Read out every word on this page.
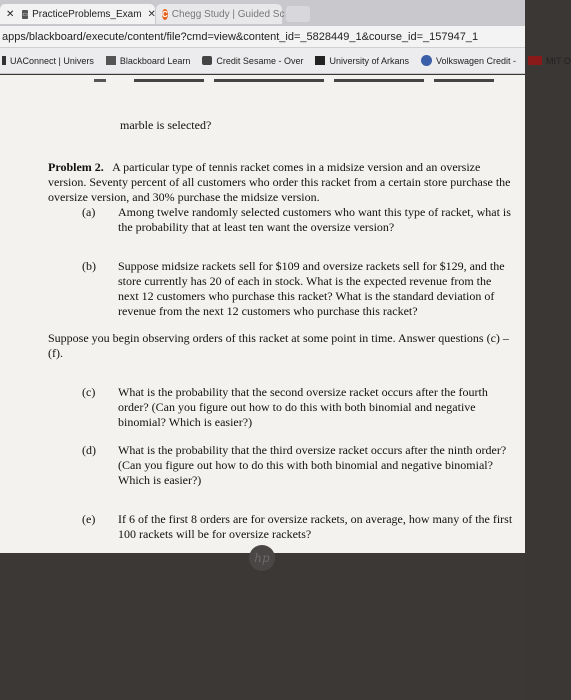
✕ ▭ PracticeProblems_Exam ✕ C Chegg Study | Guided Sc
apps/blackboard/execute/content/file?cmd=view&content_id=_5828449_1&course_id=_157947_1
UAConnect | Univers	Blackboard Learn	Credit Sesame - Over	University of Arkans	Volkswagen Credit -	MIT O
marble is selected?
Problem 2. A particular type of tennis racket comes in a midsize version and an oversize
version. Seventy percent of all customers who order this racket from a certain store purchase the
oversize version, and 30% purchase the midsize version.
(a) Among twelve randomly selected customers who want this type of racket, what is
the probability that at least ten want the oversize version?
(b) Suppose midsize rackets sell for $109 and oversize rackets sell for $129, and the
store currently has 20 of each in stock. What is the expected revenue from the
next 12 customers who purchase this racket? What is the standard deviation of
revenue from the next 12 customers who purchase this racket?
Suppose you begin observing orders of this racket at some point in time. Answer questions (c) –
(f).
(c) What is the probability that the second oversize racket occurs after the fourth
order? (Can you figure out how to do this with both binomial and negative
binomial? Which is easier?)
(d) What is the probability that the third oversize racket occurs after the ninth order?
(Can you figure out how to do this with both binomial and negative binomial?
Which is easier?)
(e) If 6 of the first 8 orders are for oversize rackets, on average, how many of the first
100 rackets will be for oversize rackets?
hp
